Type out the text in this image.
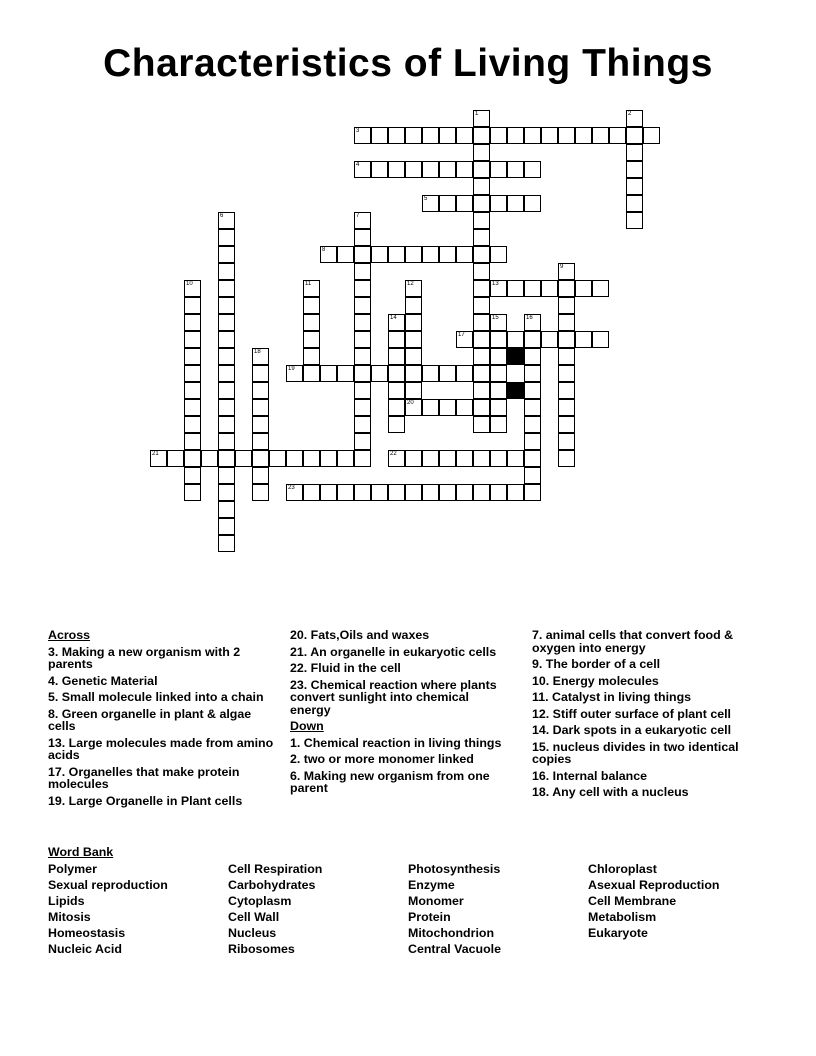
Characteristics of Living Things
1	2
3
4
5
6	7
8
9
10	11	12
20
13
14	15	16
17
18
19
21	22
23
Across
3. Making a new organism with 2 parents
4. Genetic Material
5. Small molecule linked into a chain
8. Green organelle in plant & algae cells
13. Large molecules made from amino acids
17. Organelles that make protein molecules
19. Large Organelle in Plant cells
20. Fats,Oils and waxes
21. An organelle in eukaryotic cells
22. Fluid in the cell
23. Chemical reaction where plants convert sunlight into chemical energy
Down
1. Chemical reaction in living things
2. two or more monomer linked
6. Making new organism from one parent
7. animal cells that convert food & oxygen into energy
9. The border of a cell
10. Energy molecules
11. Catalyst in living things
12. Stiff outer surface of plant cell
14. Dark spots in a eukaryotic cell
15. nucleus divides in two identical copies
16. Internal balance
18. Any cell with a nucleus
Word Bank
Polymer
Sexual reproduction
Lipids
Mitosis
Homeostasis
Nucleic Acid
Cell Respiration
Carbohydrates
Cytoplasm
Cell Wall
Nucleus
Ribosomes
Photosynthesis
Enzyme
Monomer
Protein
Mitochondrion
Central Vacuole
Chloroplast
Asexual Reproduction
Cell Membrane
Metabolism
Eukaryote
